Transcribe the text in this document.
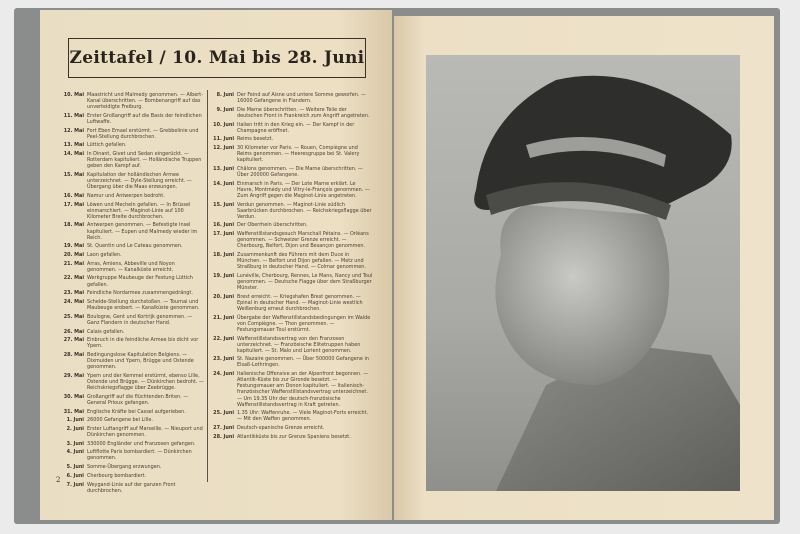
Zeittafel / 10. Mai bis 28. Juni
10. Mai Maastricht und Malmedy genommen. — Albert-Kanal überschritten. — Bombenangriff auf das unverteidigte Freiburg.
11. Mai Erster Großangriff auf die Basis der feindlichen Luftwaffe.
12. Mai Fort Eben Emael erstürmt. — Grebbelinie und Peel-Stellung durchbrochen.
13. Mai Lüttich gefallen.
14. Mai In Dinant, Givet und Sedan eingerückt. — Rotterdam kapituliert. — Holländische Truppen geben den Kampf auf.
15. Mai Kapitulation der holländischen Armee unterzeichnet. — Dyle-Stellung erreicht. — Übergang über die Maas erzwungen.
16. Mai Namur und Antwerpen bedroht.
17. Mai Löwen und Mecheln gefallen. — In Brüssel einmarschiert. — Maginot-Linie auf 100 Kilometer Breite durchbrochen.
18. Mai Antwerpen genommen. — Befestigte Insel kapituliert. — Eupen und Malmedy wieder im Reich.
19. Mai St. Quentin und Le Cateau genommen.
20. Mai Laon gefallen.
21. Mai Arras, Amiens, Abbeville und Noyon genommen. — Kanalküste erreicht.
22. Mai Werkgruppe Maubeuge der Festung Lüttich gefallen.
23. Mai Feindliche Nordarmee zusammengedrängt.
24. Mai Schelde-Stellung durchstoßen. — Tournai und Maubeuge erobert. — Kanalküste genommen.
25. Mai Boulogne, Gent und Kortrijk genommen. — Ganz Flandern in deutscher Hand.
26. Mai Calais gefallen.
27. Mai Einbruch in die feindliche Armee bis dicht vor Ypern.
28. Mai Bedingungslose Kapitulation Belgiens. — Dixmuiden und Ypern, Brügge und Ostende genommen.
29. Mai Ypern und der Kemmel erstürmt, ebenso Lille, Ostende und Brügge. — Dünkirchen bedroht. — Reichskriegsflagge über Zeebrügge.
30. Mai Großangriff auf die flüchtenden Briten. — General Prioux gefangen.
31. Mai Englische Kräfte bei Cassel aufgerieben.
1. Juni 26000 Gefangene bei Lille.
2. Juni Erster Luftangriff auf Marseille. — Nieuport und Dünkirchen genommen.
3. Juni 330000 Engländer und Franzosen gefangen.
4. Juni Luftflotte Paris bombardiert. — Dünkirchen genommen.
5. Juni Somme-Übergang erzwungen.
6. Juni Cherbourg bombardiert.
7. Juni Weygand-Linie auf der ganzen Front durchbrochen.
8. Juni Der Feind auf Aisne und untere Somme geworfen. — 16000 Gefangene in Flandern.
9. Juni Die Marne überschritten. — Weitere Teile der deutschen Front in Frankreich zum Angriff angetreten.
10. Juni Italien tritt in den Krieg ein. — Der Kampf in der Champagne eröffnet.
11. Juni Reims besetzt.
12. Juni 30 Kilometer vor Paris. — Rouen, Compiègne und Reims genommen. — Heeresgruppe bei St. Valery kapituliert.
13. Juni Châlons genommen. — Die Marne überschritten. — Über 200000 Gefangene.
14. Juni Einmarsch in Paris. — Der Lote Marne erklärt. Le Havre, Montmédy und Vitry-le-François genommen. — Zum Angriff gegen die Maginot-Linie angetreten.
15. Juni Verdun genommen. — Maginot-Linie südlich Saarbrücken durchbrochen. — Reichskriegsflagge über Verdun.
16. Juni Der Oberrhein überschritten.
17. Juni Waffenstillstandsgesuch Marschall Pétains. — Orléans genommen. — Schweizer Grenze erreicht. — Cherbourg, Belfort, Dijon und Besançon genommen.
18. Juni Zusammenkunft des Führers mit dem Duce in München. — Belfort und Dijon gefallen. — Metz und Straßburg in deutscher Hand. — Colmar genommen.
19. Juni Lunéville, Cherbourg, Rennes, Le Mans, Nancy und Toul genommen. — Deutsche Flagge über dem Straßburger Münster.
20. Juni Brest erreicht. — Kriegshafen Brest genommen. — Epinal in deutscher Hand. — Maginot-Linie westlich Weißenburg erneut durchbrochen.
21. Juni Übergabe der Waffenstillstandsbedingungen im Walde von Compiègne. — Thon genommen. — Festungsmauer Toul erstürmt.
22. Juni Waffenstillstandsvertrag von den Franzosen unterzeichnet. — Französische Elitetruppen haben kapituliert. — St. Malo und Lorient genommen.
23. Juni St. Nazaire genommen. — Über 500000 Gefangene in Elsaß-Lothringen.
24. Juni Italienische Offensive an der Alpenfront begonnen. — Atlantik-Küste bis zur Gironde besetzt. — Festungsmauer am Donon kapituliert. — Italienisch-französischer Waffenstillstandsvertrag unterzeichnet. — Um 19.35 Uhr der deutsch-französische Waffenstillstandsvertrag in Kraft getreten.
25. Juni 1.35 Uhr: Waffenruhe. — Viele Maginot-Forts erreicht. — Mit den Waffen genommen.
27. Juni Deutsch-spanische Grenze erreicht.
28. Juni Atlantikküste bis zur Grenze Spaniens besetzt.
2
